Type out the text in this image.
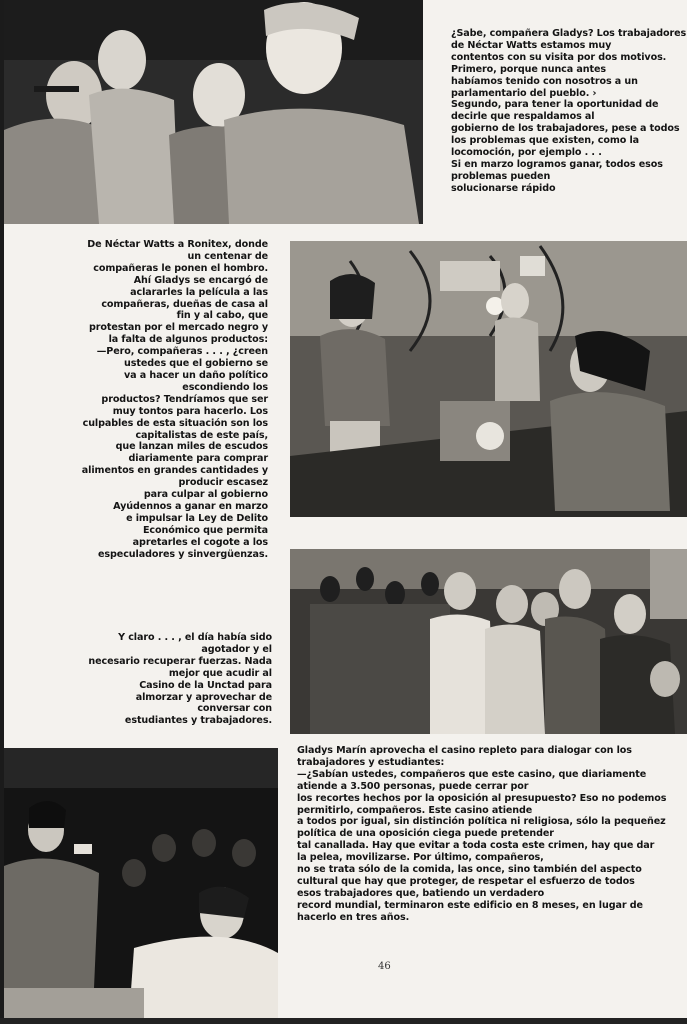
¿Sabe, compañera Gladys? Los trabajadores
de Néctar Watts estamos muy
contentos con su visita por dos motivos.
Primero, porque nunca antes
habíamos tenido con nosotros a un
parlamentario del pueblo. ›
Segundo, para tener la oportunidad de
decirle que respaldamos al
gobierno de los trabajadores, pese a todos
los problemas que existen, como la
locomoción, por ejemplo . . .
Si en marzo logramos ganar, todos esos
problemas pueden
solucionarse rápido
De Néctar Watts a Ronitex, donde
un centenar de
compañeras le ponen el hombro.
Ahí Gladys se encargó de
aclararles la película a las
compañeras, dueñas de casa al
fin y al cabo, que
protestan por el mercado negro y
la falta de algunos productos:
—Pero, compañeras . . . , ¿creen
ustedes que el gobierno se
va a hacer un daño político
escondiendo los
productos? Tendríamos que ser
muy tontos para hacerlo. Los
culpables de esta situación son los
capitalistas de este país,
que lanzan miles de escudos
diariamente para comprar
alimentos en grandes cantidades y
producir escasez
para culpar al gobierno
Ayúdennos a ganar en marzo
e impulsar la Ley de Delito
Económico que permita
apretarles el cogote a los
especuladores y sinvergüenzas.
Y claro . . . , el día había sido
agotador y el
necesario recuperar fuerzas. Nada
mejor que acudir al
Casino de la Unctad para
almorzar y aprovechar de
conversar con
estudiantes y trabajadores.
Gladys Marín aprovecha el casino repleto para dialogar con los
trabajadores y estudiantes:
—¿Sabían ustedes, compañeros que este casino, que diariamente
atiende a 3.500 personas, puede cerrar por
los recortes hechos por la oposición al presupuesto? Eso no podemos
permitirlo, compañeros. Este casino atiende
a todos por igual, sin distinción política ni religiosa, sólo la pequeñez
política de una oposición ciega puede pretender
tal canallada. Hay que evitar a toda costa este crimen, hay que dar
la pelea, movilizarse. Por último, compañeros,
no se trata sólo de la comida, las once, sino también del aspecto
cultural que hay que proteger, de respetar el esfuerzo de todos
esos trabajadores que, batiendo un verdadero
record mundial, terminaron este edificio en 8 meses, en lugar de
hacerlo en tres años.
46
